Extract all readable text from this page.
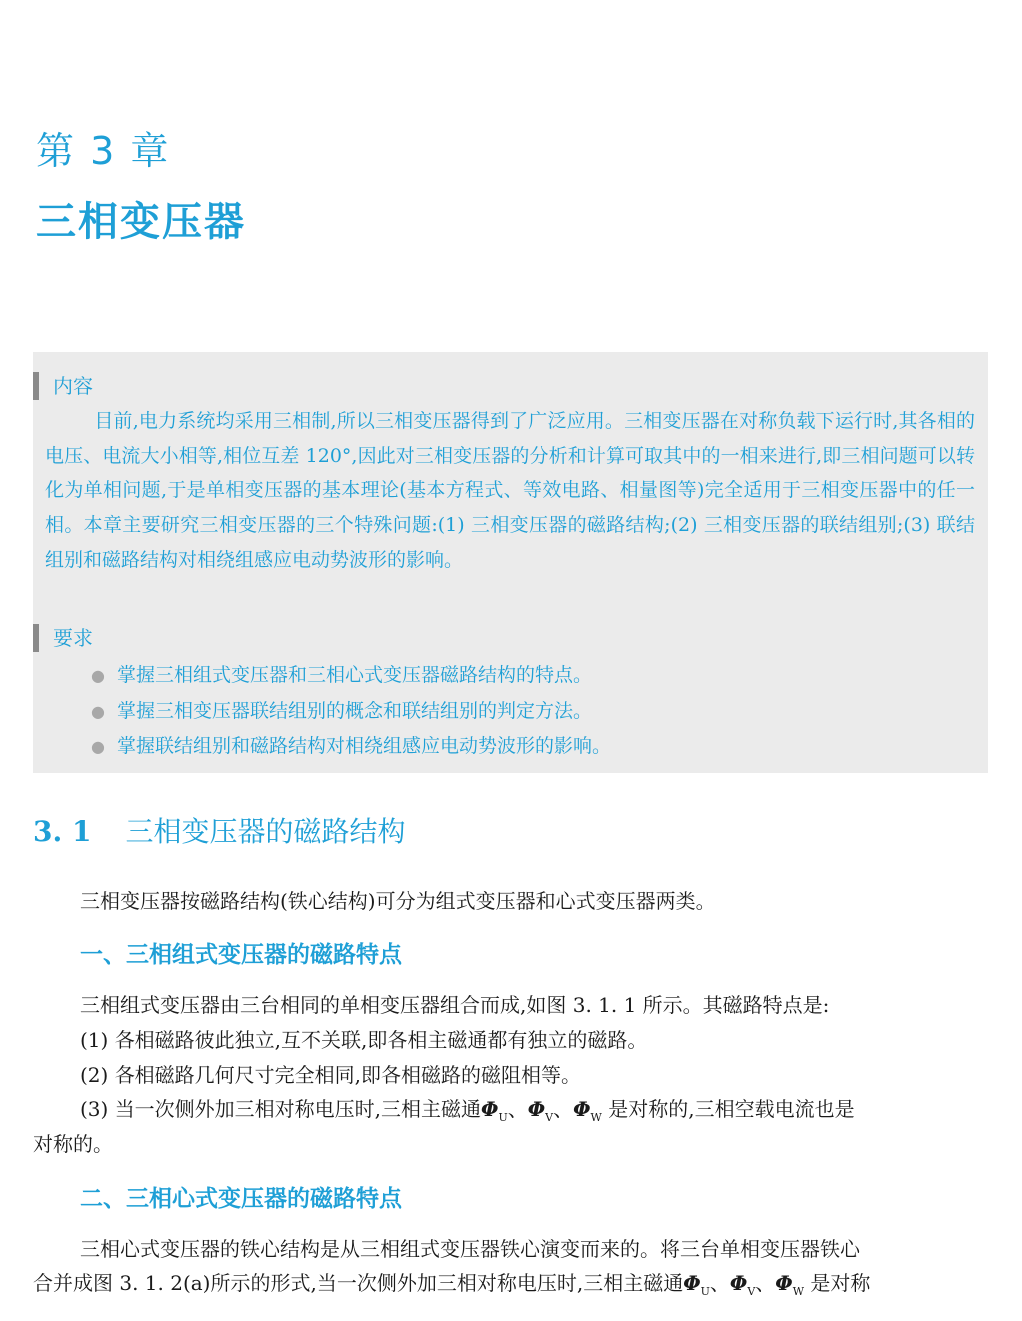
第 3 章
三相变压器
内容

目前,电力系统均采用三相制,所以三相变压器得到了广泛应用。三相变压器在对称负载下运行时,其各相的电压、电流大小相等,相位互差 120°,因此对三相变压器的分析和计算可取其中的一相来进行,即三相问题可以转化为单相问题,于是单相变压器的基本理论(基本方程式、等效电路、相量图等)完全适用于三相变压器中的任一相。本章主要研究三相变压器的三个特殊问题:(1) 三相变压器的磁路结构;(2) 三相变压器的联结组别;(3) 联结组别和磁路结构对相绕组感应电动势波形的影响。

要求
● 掌握三相组式变压器和三相心式变压器磁路结构的特点。
● 掌握三相变压器联结组别的概念和联结组别的判定方法。
● 掌握联结组别和磁路结构对相绕组感应电动势波形的影响。
3. 1 三相变压器的磁路结构
三相变压器按磁路结构(铁心结构)可分为组式变压器和心式变压器两类。
一、三相组式变压器的磁路特点
三相组式变压器由三台相同的单相变压器组合而成,如图 3. 1. 1 所示。其磁路特点是:
(1) 各相磁路彼此独立,互不关联,即各相主磁通都有独立的磁路。
(2) 各相磁路几何尺寸完全相同,即各相磁路的磁阻相等。
(3) 当一次侧外加三相对称电压时,三相主磁通$\Phi_U$、$\Phi_V$、$\Phi_W$ 是对称的,三相空载电流也是
对称的。
二、三相心式变压器的磁路特点
三相心式变压器的铁心结构是从三相组式变压器铁心演变而来的。将三台单相变压器铁心
合并成图 3. 1. 2(a)所示的形式,当一次侧外加三相对称电压时,三相主磁通$\Phi_U$、$\Phi_V$、$\Phi_W$ 是对称
